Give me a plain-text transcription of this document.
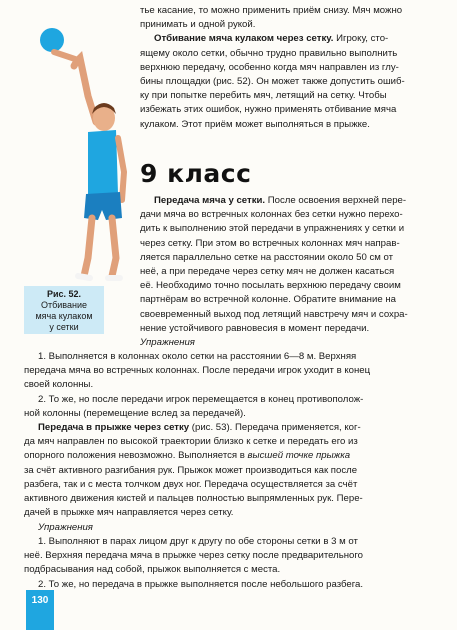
Рис. 52.
Отбивание
мяча кулаком
у сетки
тье касание, то можно применить приём снизу. Мяч можно
принимать и одной рукой.
Отбивание мяча кулаком через сетку. Игроку, сто-
ящему около сетки, обычно трудно правильно выполнить
верхнюю передачу, особенно когда мяч направлен из глу-
бины площадки (рис. 52). Он может также допустить ошиб-
ку при попытке перебить мяч, летящий на сетку. Чтобы
избежать этих ошибок, нужно применять отбивание мяча
кулаком. Этот приём может выполняться в прыжке.
9 класс
Передача мяча у сетки. После освоения верхней пере-
дачи мяча во встречных колоннах без сетки нужно перехо-
дить к выполнению этой передачи в упражнениях у сетки и
через сетку. При этом во встречных колоннах мяч направ-
ляется параллельно сетке на расстоянии около 50 см от
неё, а при передаче через сетку мяч не должен касаться
её. Необходимо точно посылать верхнюю передачу своим
партнёрам во встречной колонне. Обратите внимание на
своевременный выход под летящий навстречу мяч и сохра-
нение устойчивого равновесия в момент передачи.
Упражнения
1. Выполняется в колоннах около сетки на расстоянии 6—8 м. Верхняя
передача мяча во встречных колоннах. После передачи игрок уходит в конец
своей колонны.
2. То же, но после передачи игрок перемещается в конец противополож-
ной колонны (перемещение вслед за передачей).
Передача в прыжке через сетку (рис. 53). Передача применяется, ког-
да мяч направлен по высокой траектории близко к сетке и передать его из
опорного положения невозможно. Выполняется в высшей точке прыжка
за счёт активного разгибания рук. Прыжок может производиться как после
разбега, так и с места толчком двух ног. Передача осуществляется за счёт
активного движения кистей и пальцев полностью выпрямленных рук. Пере-
дачей в прыжке мяч направляется через сетку.
Упражнения
1. Выполняют в парах лицом друг к другу по обе стороны сетки в 3 м от
неё. Верхняя передача мяча в прыжке через сетку после предварительного
подбрасывания над собой, прыжок выполняется с места.
2. То же, но передача в прыжке выполняется после небольшого разбега.
130
